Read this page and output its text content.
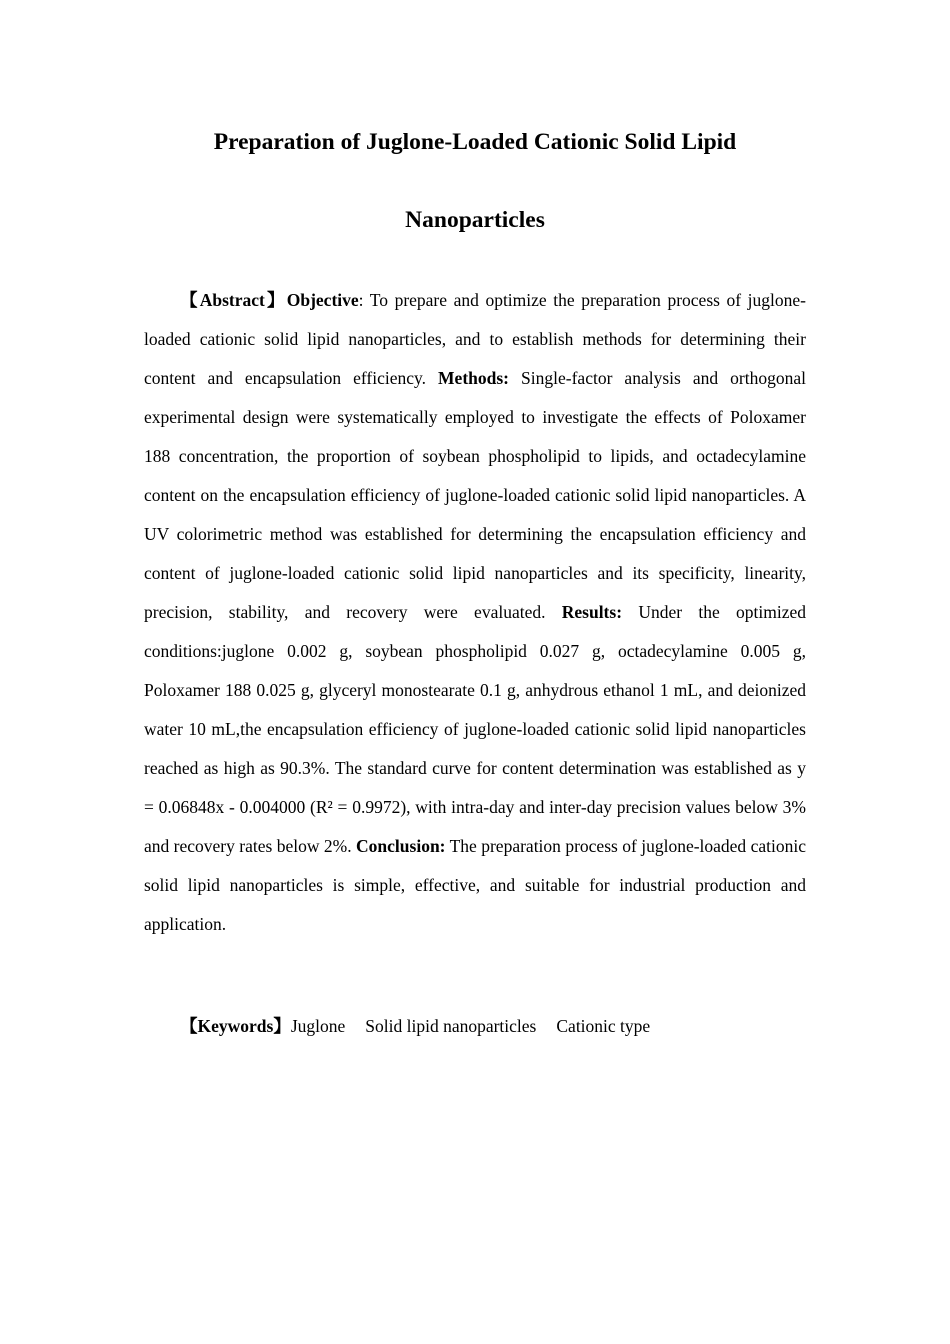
Preparation of Juglone-Loaded Cationic Solid Lipid
Nanoparticles

【Abstract】Objective: To prepare and optimize the preparation process of juglone-loaded cationic solid lipid nanoparticles, and to establish methods for determining their content and encapsulation efficiency. Methods: Single-factor analysis and orthogonal experimental design were systematically employed to investigate the effects of Poloxamer 188 concentration, the proportion of soybean phospholipid to lipids, and octadecylamine content on the encapsulation efficiency of juglone-loaded cationic solid lipid nanoparticles. A UV colorimetric method was established for determining the encapsulation efficiency and content of juglone-loaded cationic solid lipid nanoparticles and its specificity, linearity, precision, stability, and recovery were evaluated. Results: Under the optimized conditions:juglone 0.002 g, soybean phospholipid 0.027 g, octadecylamine 0.005 g, Poloxamer 188 0.025 g, glyceryl monostearate 0.1 g, anhydrous ethanol 1 mL, and deionized water 10 mL,the encapsulation efficiency of juglone-loaded cationic solid lipid nanoparticles reached as high as 90.3%. The standard curve for content determination was established as y = 0.06848x - 0.004000 (R² = 0.9972), with intra-day and inter-day precision values below 3% and recovery rates below 2%. Conclusion: The preparation process of juglone-loaded cationic solid lipid nanoparticles is simple, effective, and suitable for industrial production and application.

【Keywords】Juglone Solid lipid nanoparticles Cationic type
